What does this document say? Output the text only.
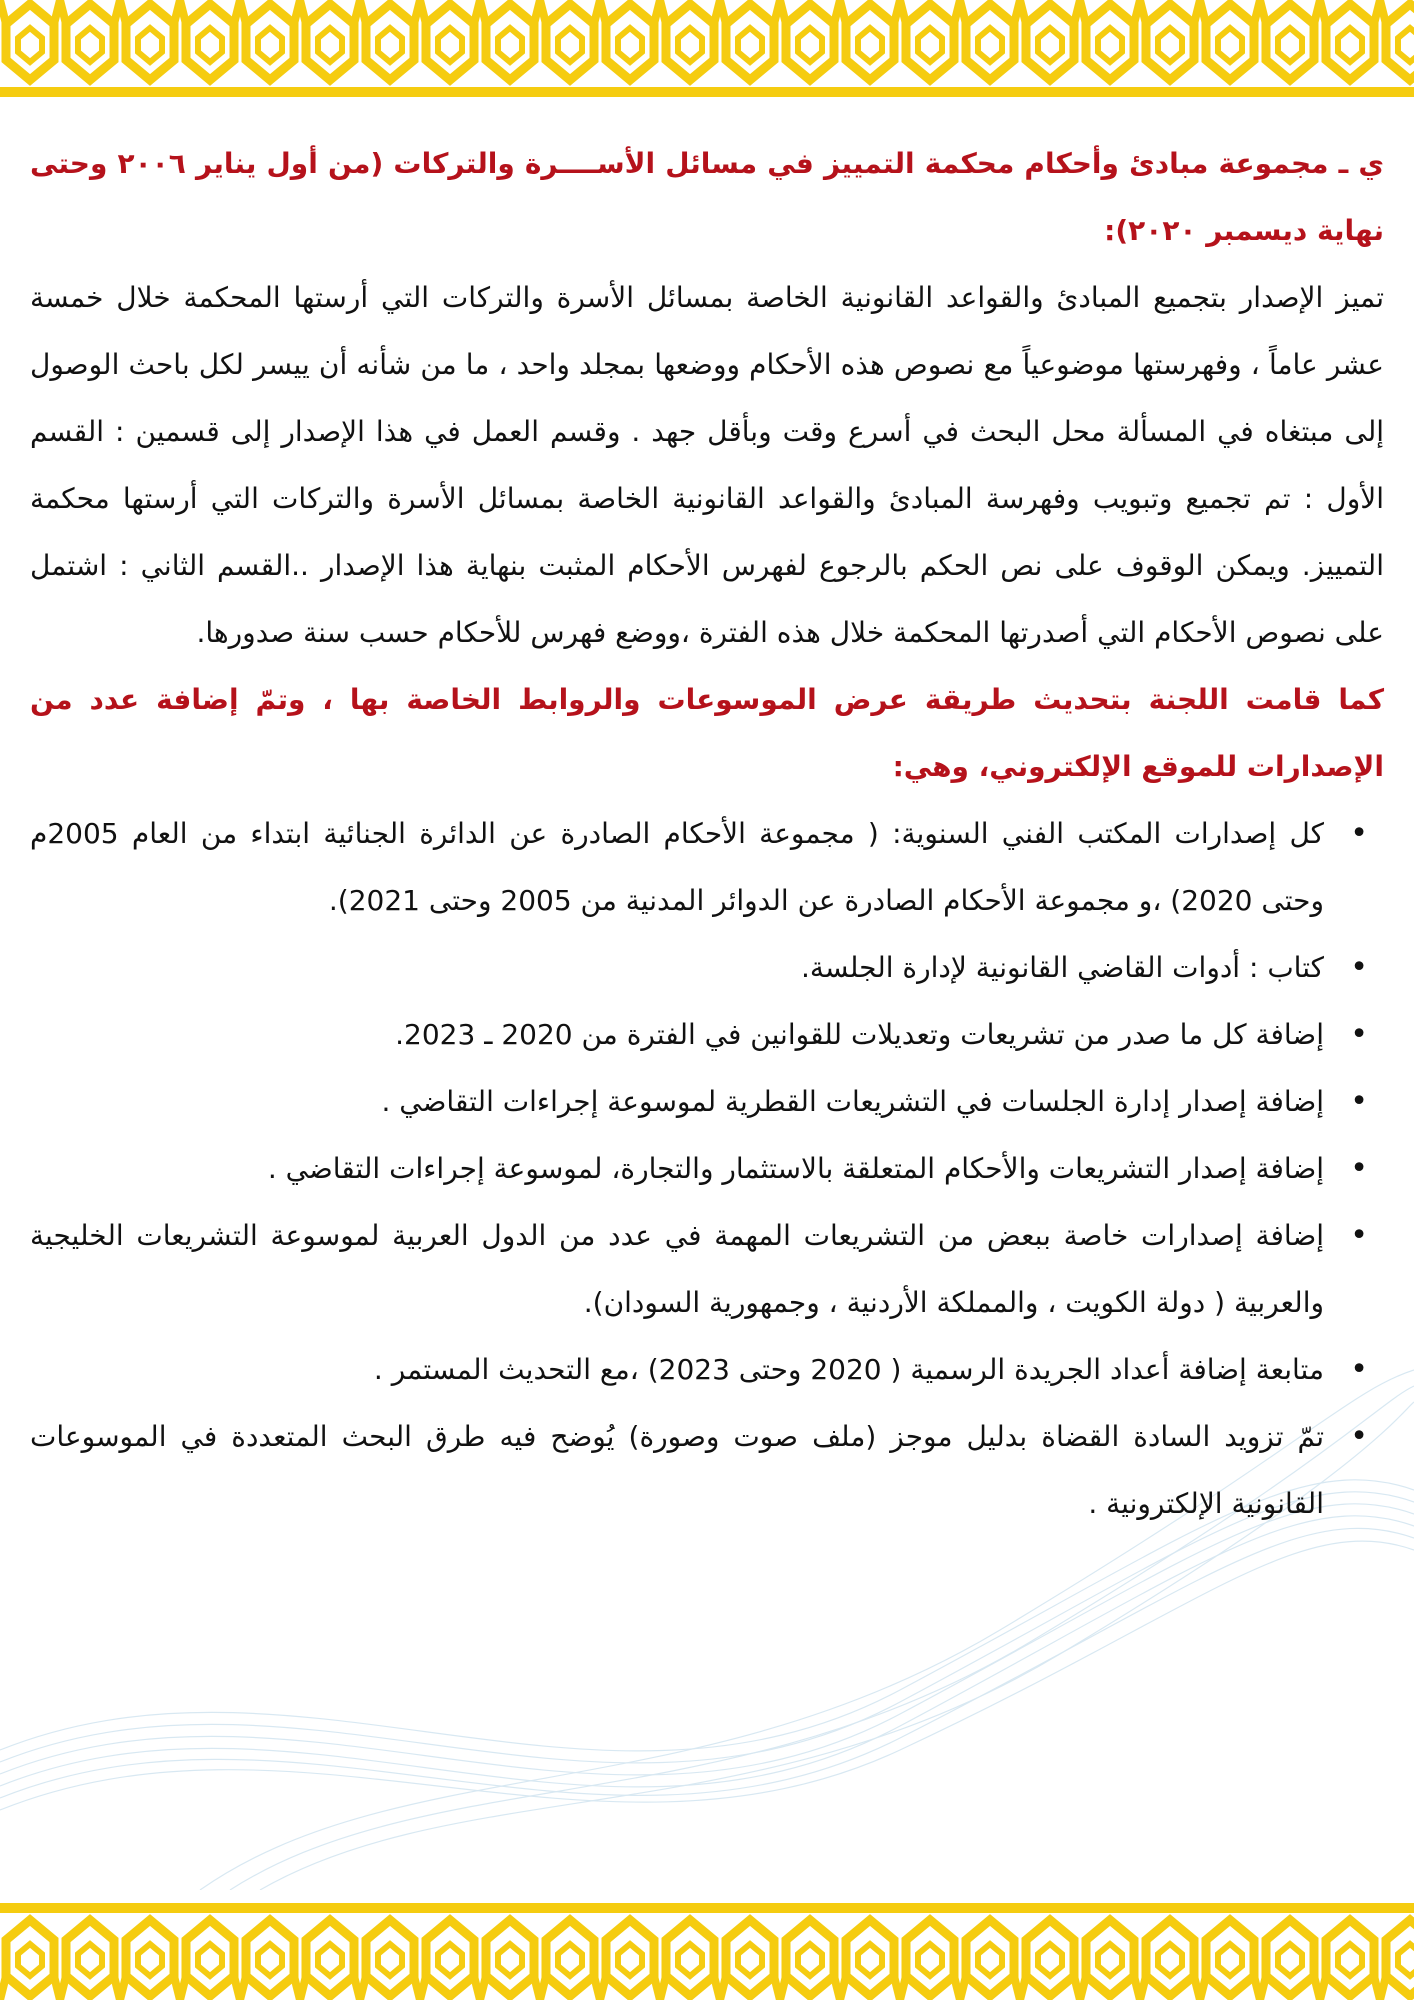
ي ـ مجموعة مبادئ وأحكام محكمة التمييز في مسائل الأســــرة والتركات (من أول يناير ٢٠٠٦ وحتى نهاية ديسمبر ٢٠٢٠):

تميز الإصدار بتجميع المبادئ والقواعد القانونية الخاصة بمسائل الأسرة والتركات التي أرستها المحكمة خلال خمسة عشر عاماً ، وفهرستها موضوعياً مع نصوص هذه الأحكام ووضعها بمجلد واحد ، ما من شأنه أن ييسر لكل باحث الوصول إلى مبتغاه في المسألة محل البحث في أسرع وقت وبأقل جهد . وقسم العمل في هذا الإصدار إلى قسمين : القسم الأول : تم تجميع وتبويب وفهرسة المبادئ والقواعد القانونية الخاصة بمسائل الأسرة والتركات التي أرستها محكمة التمييز. ويمكن الوقوف على نص الحكم بالرجوع لفهرس الأحكام المثبت بنهاية هذا الإصدار ..القسم الثاني : اشتمل على نصوص الأحكام التي أصدرتها المحكمة خلال هذه الفترة ،ووضع فهرس للأحكام حسب سنة صدورها.

كما قامت اللجنة بتحديث طريقة عرض الموسوعات والروابط الخاصة بها ، وتمّ إضافة عدد من الإصدارات للموقع الإلكتروني، وهي:

• كل إصدارات المكتب الفني السنوية: ( مجموعة الأحكام الصادرة عن الدائرة الجنائية ابتداء من العام 2005م وحتى 2020) ،و مجموعة الأحكام الصادرة عن الدوائر المدنية من 2005 وحتى 2021).
• كتاب : أدوات القاضي القانونية لإدارة الجلسة.
• إضافة كل ما صدر من تشريعات وتعديلات للقوانين في الفترة من 2020 ـ 2023.
• إضافة إصدار إدارة الجلسات في التشريعات القطرية لموسوعة إجراءات التقاضي .
• إضافة إصدار التشريعات والأحكام المتعلقة بالاستثمار والتجارة، لموسوعة إجراءات التقاضي .
• إضافة إصدارات خاصة ببعض من التشريعات المهمة في عدد من الدول العربية لموسوعة التشريعات الخليجية والعربية ( دولة الكويت ، والمملكة الأردنية ، وجمهورية السودان).
• متابعة إضافة أعداد الجريدة الرسمية ( 2020 وحتى 2023) ،مع التحديث المستمر .
• تمّ تزويد السادة القضاة بدليل موجز (ملف صوت وصورة) يُوضح فيه طرق البحث المتعددة في الموسوعات القانونية الإلكترونية .
